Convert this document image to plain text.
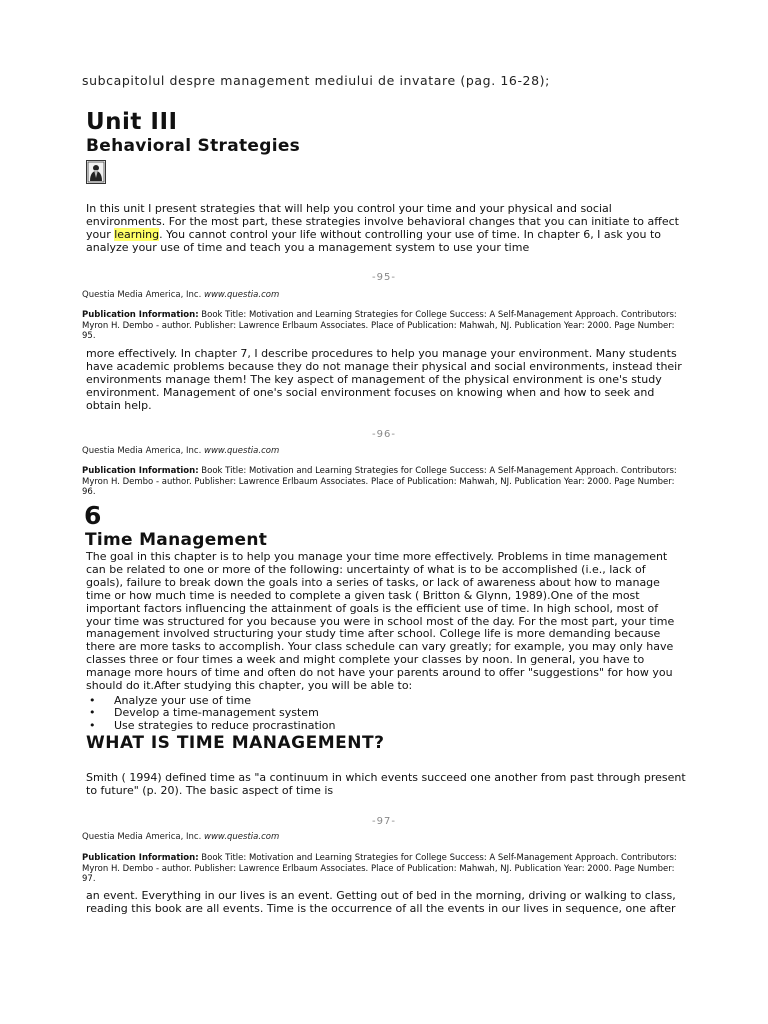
subcapitolul despre management mediului de invatare (pag. 16-28);
Unit III
Behavioral Strategies

In this unit I present strategies that will help you control your time and your physical and social environments. For the most part, these strategies involve behavioral changes that you can initiate to affect your learning. You cannot control your life without controlling your use of time. In chapter 6, I ask you to analyze your use of time and teach you a management system to use your time

-95-
Questia Media America, Inc. www.questia.com

Publication Information: Book Title: Motivation and Learning Strategies for College Success: A Self-Management Approach. Contributors: Myron H. Dembo - author. Publisher: Lawrence Erlbaum Associates. Place of Publication: Mahwah, NJ. Publication Year: 2000. Page Number: 95.

more effectively. In chapter 7, I describe procedures to help you manage your environment. Many students have academic problems because they do not manage their physical and social environments, instead their environments manage them! The key aspect of management of the physical environment is one's study environment. Management of one's social environment focuses on knowing when and how to seek and obtain help.

-96-
Questia Media America, Inc. www.questia.com

Publication Information: Book Title: Motivation and Learning Strategies for College Success: A Self-Management Approach. Contributors: Myron H. Dembo - author. Publisher: Lawrence Erlbaum Associates. Place of Publication: Mahwah, NJ. Publication Year: 2000. Page Number: 96.

6
Time Management

The goal in this chapter is to help you manage your time more effectively. Problems in time management can be related to one or more of the following: uncertainty of what is to be accomplished (i.e., lack of goals), failure to break down the goals into a series of tasks, or lack of awareness about how to manage time or how much time is needed to complete a given task ( Britton & Glynn, 1989).One of the most important factors influencing the attainment of goals is the efficient use of time. In high school, most of your time was structured for you because you were in school most of the day. For the most part, your time management involved structuring your study time after school. College life is more demanding because there are more tasks to accomplish. Your class schedule can vary greatly; for example, you may only have classes three or four times a week and might complete your classes by noon. In general, you have to manage more hours of time and often do not have your parents around to offer "suggestions" for how you should do it.After studying this chapter, you will be able to:

• Analyze your use of time
• Develop a time-management system
• Use strategies to reduce procrastination
WHAT IS TIME MANAGEMENT?

Smith ( 1994) defined time as "a continuum in which events succeed one another from past through present to future" (p. 20). The basic aspect of time is

-97-
Questia Media America, Inc. www.questia.com

Publication Information: Book Title: Motivation and Learning Strategies for College Success: A Self-Management Approach. Contributors: Myron H. Dembo - author. Publisher: Lawrence Erlbaum Associates. Place of Publication: Mahwah, NJ. Publication Year: 2000. Page Number: 97.

an event. Everything in our lives is an event. Getting out of bed in the morning, driving or walking to class, reading this book are all events. Time is the occurrence of all the events in our lives in sequence, one after
